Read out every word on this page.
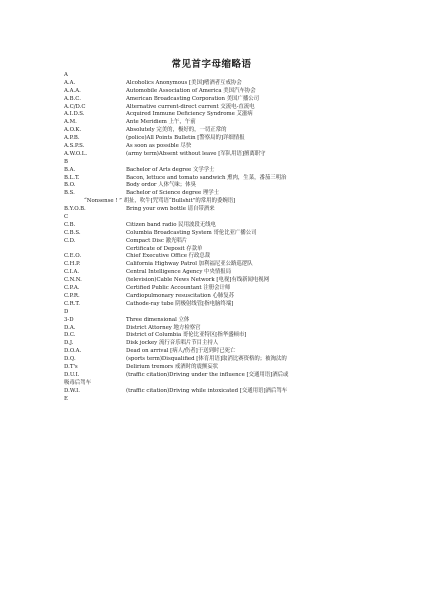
常见首字母缩略语
A
A.A.	Alcoholics Anonymous [美国]嗜酒者互戒协会
A.A.A.	Automobile Association of America 美国汽车协会
A.B.C.	American Broadcasting Corporation 美国广播公司
A.C/D.C	Alternative current-direct current 交流电-直流电
A.I.D.S.	Acquired Immune Deficiency Syndrome 艾滋病
A.M.	Ante Meridiem 上午，午前
A.O.K.	Absolutely 完美的，极好的，一切正常的
A.P.B.	(police)All Points Bulletin [警察局的]详细情报
A.S.P.S.	As soon as possible 尽快
A.W.O.L.	(army term)Absent without leave [军队用语]擅离职守
B
B.A.	Bachelor of Arts degree 文学学士
B.L.T.	Bacon, lettuce and tomato sandwich 熏肉，生菜，番茄三明治
B.O.	Body ordor 人体气味；体臭
B.S.	Bachelor of Science degree 理学士
“Nonsense ! ” 胡扯，吹牛[咒骂语“Bullshit”的常用的委婉语]
B.Y.O.B.	Bring your own bottle 请自带酒来
C
C.B.	Citizen band radio 民用波段无线电
C.B.S.	Columbia Broadcasting System 哥伦比亚广播公司
C.D.	Compact Disc 激光唱片
Certificate of Deposit 存款单
C.E.O.	Chief Executive Office 行政总裁
C.H.P.	California Highway Patrol 加利福尼亚公路巡逻队
C.I.A.	Central Intelligence Agency 中央情报局
C.N.N.	(television)Cable News Network [电视]有线新闻电视网
C.P.A.	Certified Public Accountant 注册会计师
C.P.R.	Cardiopulmonary resuscitation 心肺复苏
C.R.T.	Cathode-ray tube 阴极射线管[指电脑终端]
D
3-D	Three dimensional 立体
D.A.	District Attorney 地方检察官
D.C.	District of Columbia 哥伦比亚特区[指华盛顿市]
D.J.	Disk jockey 流行音乐唱片节目主持人
D.O.A.	Dead on arrival [病人/伤者]于送到时已死亡
D.Q.	(sports term)Disqualified [体育用语]取消比赛资格的；被淘汰的
D.T's	Delirium tremors 戒酒时的震颤妄状
D.U.I.	(traffic citation)Driving under the influence [交通用语]酒后或
吸毒后驾车
D.W.I.	(traffic citation)Driving while intoxicated [交通用语]酒后驾车
E
